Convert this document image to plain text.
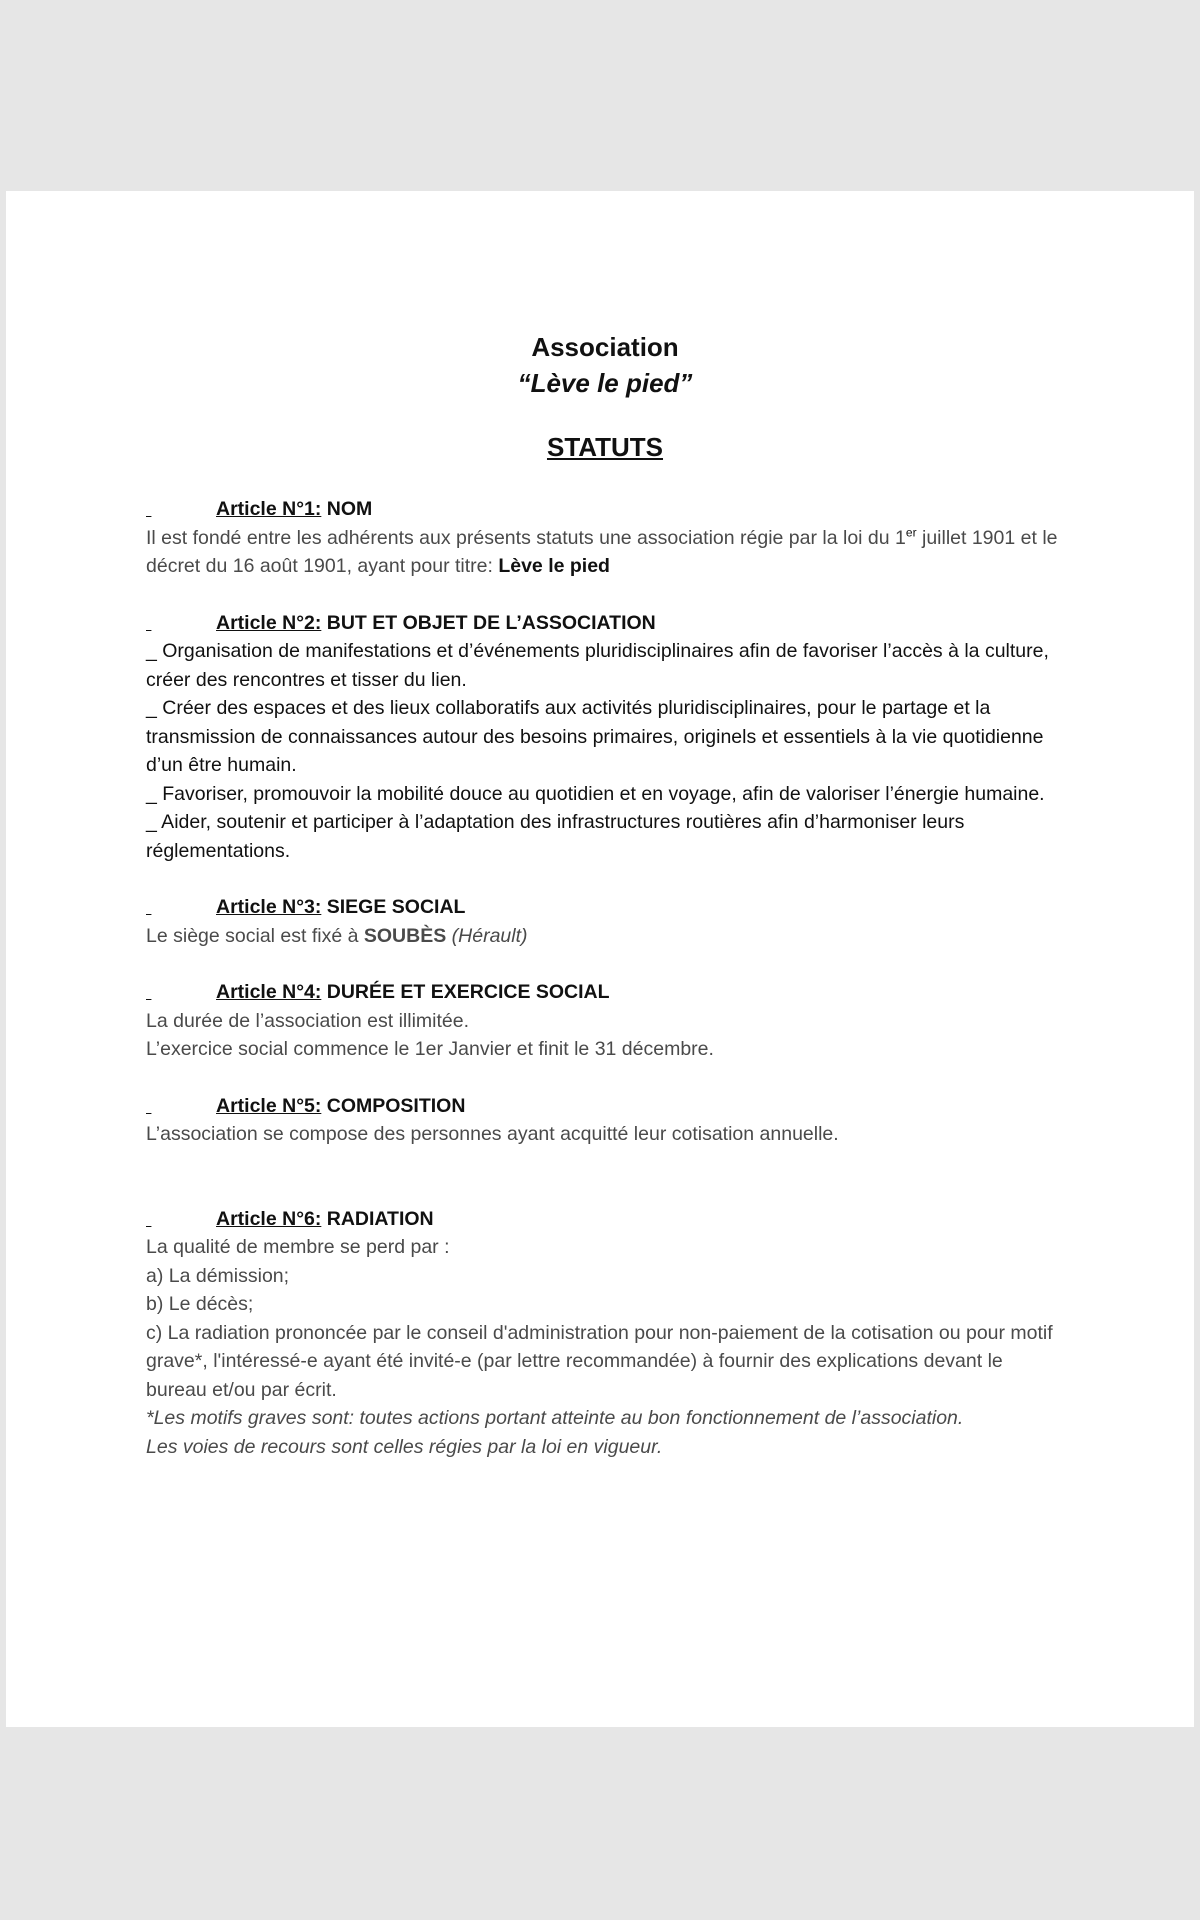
Association
“Lève le pied”
STATUTS
Article N°1: NOM

Il est fondé entre les adhérents aux présents statuts une association régie par la loi du 1er juillet 1901 et le décret du 16 août 1901, ayant pour titre: Lève le pied

Article N°2: BUT ET OBJET DE L’ASSOCIATION

_ Organisation de manifestations et d’événements pluridisciplinaires afin de favoriser l’accès à la culture, créer des rencontres et tisser du lien.

_ Créer des espaces et des lieux collaboratifs aux activités pluridisciplinaires, pour le partage et la transmission de connaissances autour des besoins primaires, originels et essentiels à la vie quotidienne d’un être humain.

_ Favoriser, promouvoir la mobilité douce au quotidien et en voyage, afin de valoriser l’énergie humaine.

_ Aider, soutenir et participer à l’adaptation des infrastructures routières afin d’harmoniser leurs réglementations.

Article N°3: SIEGE SOCIAL

Le siège social est fixé à SOUBÈS (Hérault)

Article N°4: DURÉE ET EXERCICE SOCIAL

La durée de l’association est illimitée.

L’exercice social commence le 1er Janvier et finit le 31 décembre.

Article N°5: COMPOSITION

L’association se compose des personnes ayant acquitté leur cotisation annuelle.

Article N°6: RADIATION

La qualité de membre se perd par :

a) La démission;

b) Le décès;

c) La radiation prononcée par le conseil d'administration pour non-paiement de la cotisation ou pour motif grave*, l'intéressé-e ayant été invité-e (par lettre recommandée) à fournir des explications devant le bureau et/ou par écrit.

*Les motifs graves sont: toutes actions portant atteinte au bon fonctionnement de l’association.

Les voies de recours sont celles régies par la loi en vigueur.
